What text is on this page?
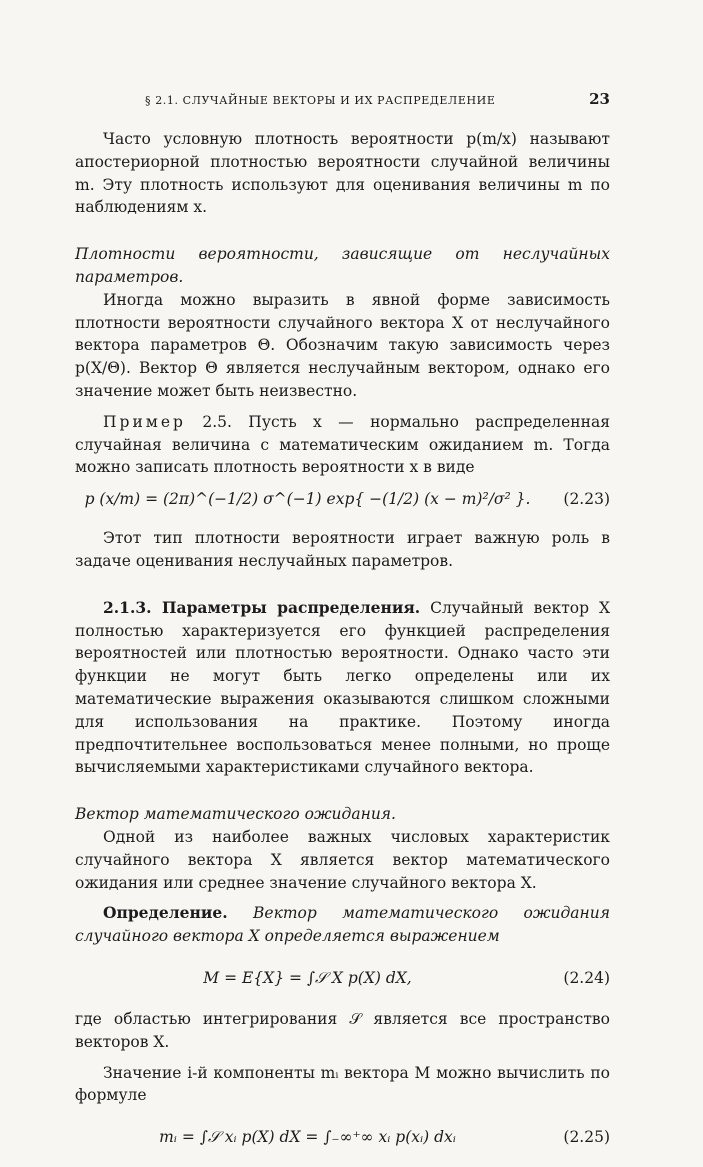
§ 2.1. СЛУЧАЙНЫЕ ВЕКТОРЫ И ИХ РАСПРЕДЕЛЕНИЕ	23

Часто условную плотность вероятности p(m/x) называют апостериорной плотностью вероятности случайной величины m. Эту плотность используют для оценивания величины m по наблюдениям x.

Плотности вероятности, зависящие от неслучайных параметров.

Иногда можно выразить в явной форме зависимость плотности вероятности случайного вектора X от неслучайного вектора параметров Θ. Обозначим такую зависимость через p(X/Θ). Вектор Θ является неслучайным вектором, однако его значение может быть неизвестно.

Пример 2.5. Пусть x — нормально распределенная случайная величина с математическим ожиданием m. Тогда можно записать плотность вероятности x в виде

p (x/m) = (2π)^(−1/2) σ^(−1) exp{ −(1/2) (x − m)²/σ² }.	(2.23)

Этот тип плотности вероятности играет важную роль в задаче оценивания неслучайных параметров.

2.1.3. Параметры распределения. Случайный вектор X полностью характеризуется его функцией распределения вероятностей или плотностью вероятности. Однако часто эти функции не могут быть легко определены или их математические выражения оказываются слишком сложными для использования на практике. Поэтому иногда предпочтительнее воспользоваться менее полными, но проще вычисляемыми характеристиками случайного вектора.

Вектор математического ожидания.

Одной из наиболее важных числовых характеристик случайного вектора X является вектор математического ожидания или среднее значение случайного вектора X.

Определение. Вектор математического ожидания случайного вектора X определяется выражением

M = E{X} = ∫𝒮 X p(X) dX,	(2.24)

где областью интегрирования 𝒮 является все пространство векторов X.

Значение i-й компоненты mᵢ вектора M можно вычислить по формуле

mᵢ = ∫𝒮 xᵢ p(X) dX = ∫₋∞⁺∞ xᵢ p(xᵢ) dxᵢ	(2.25)
